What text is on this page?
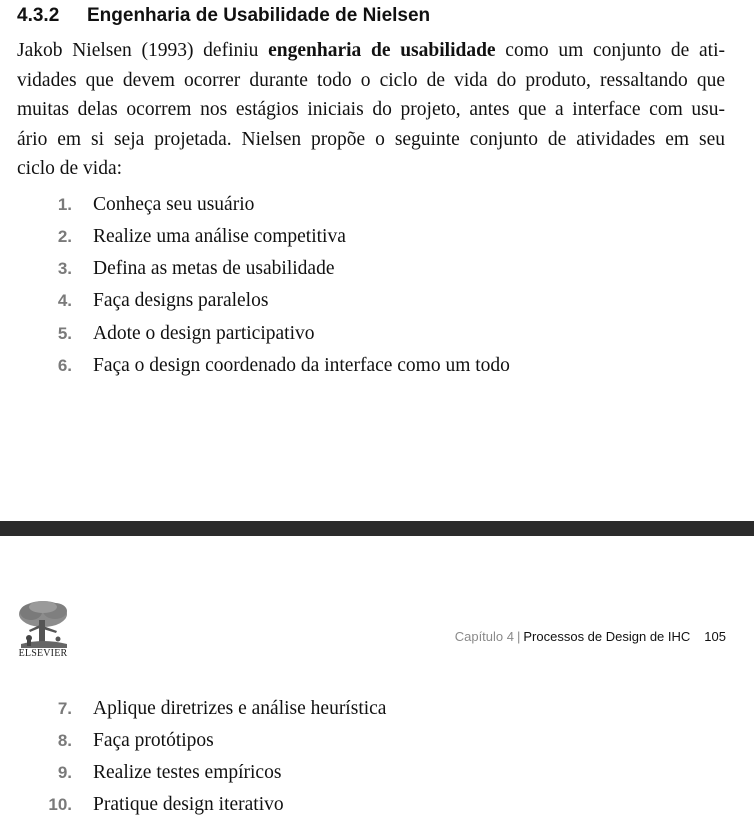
4.3.2 Engenharia de Usabilidade de Nielsen

Jakob Nielsen (1993) definiu engenharia de usabilidade como um conjunto de ati-
vidades que devem ocorrer durante todo o ciclo de vida do produto, ressaltando que
muitas delas ocorrem nos estágios iniciais do projeto, antes que a interface com usu-
ário em si seja projetada. Nielsen propõe o seguinte conjunto de atividades em seu
ciclo de vida:

1. Conheça seu usuário
2. Realize uma análise competitiva
3. Defina as metas de usabilidade
4. Faça designs paralelos
5. Adote o design participativo
6. Faça o design coordenado da interface como um todo
7. Aplique diretrizes e análise heurística
8. Faça protótipos
9. Realize testes empíricos
10. Pratique design iterativo
ELSEVIER
Capítulo 4 | Processos de Design de IHC 105
